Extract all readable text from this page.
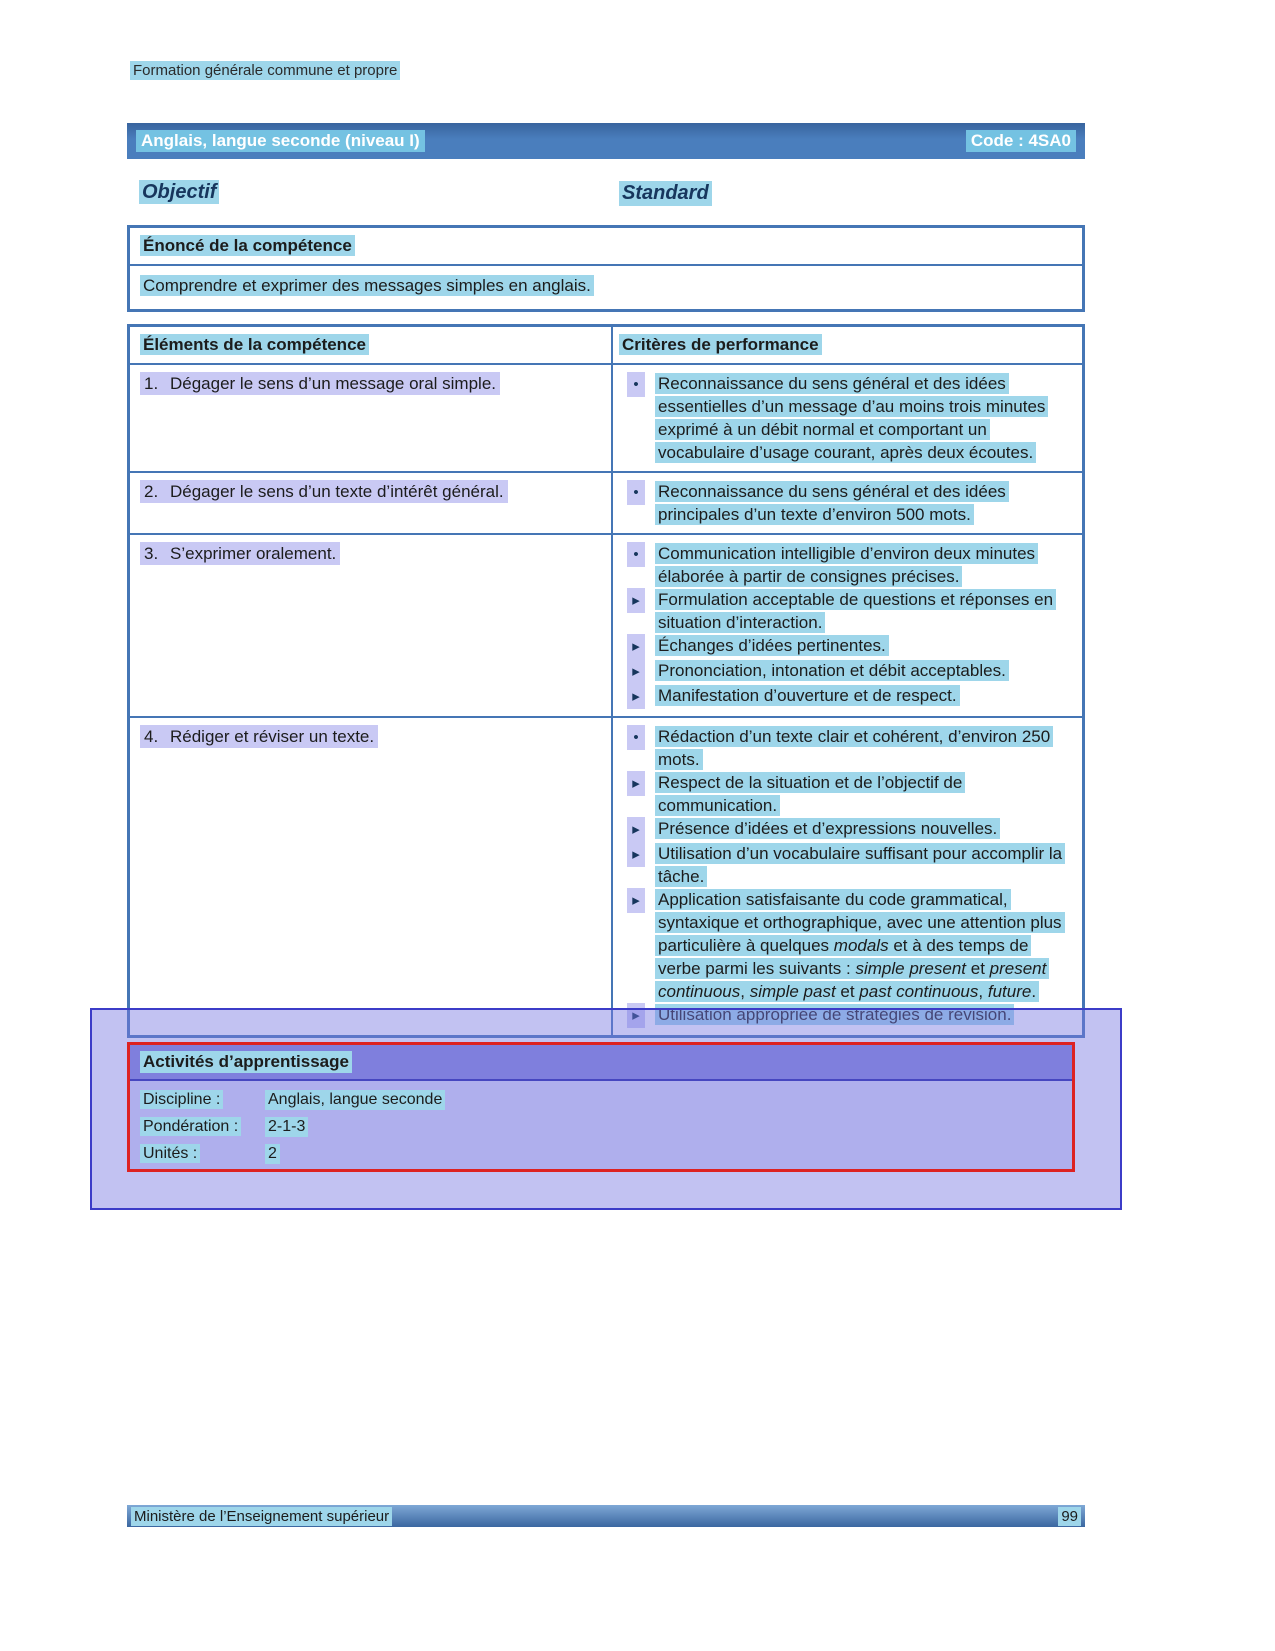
Formation générale commune et propre
Anglais, langue seconde (niveau I)	Code : 4SA0
Objectif	Standard
Énoncé de la compétence
Comprendre et exprimer des messages simples en anglais.
Éléments de la compétence	Critères de performance
1. Dégager le sens d’un message oral simple.	•	Reconnaissance du sens général et des idées essentielles d’un message d’au moins trois minutes exprimé à un débit normal et comportant un vocabulaire d’usage courant, après deux écoutes.
2. Dégager le sens d’un texte d’intérêt général.	•	Reconnaissance du sens général et des idées principales d’un texte d’environ 500 mots.
3. S’exprimer oralement.	•	Communication intelligible d’environ deux minutes élaborée à partir de consignes précises.
▸	Formulation acceptable de questions et réponses en situation d’interaction.
▸	Échanges d’idées pertinentes.
▸	Prononciation, intonation et débit acceptables.
▸	Manifestation d’ouverture et de respect.
4. Rédiger et réviser un texte.	•	Rédaction d’un texte clair et cohérent, d’environ 250 mots.
▸	Respect de la situation et de l’objectif de communication.
▸	Présence d’idées et d’expressions nouvelles.
▸	Utilisation d’un vocabulaire suffisant pour accomplir la tâche.
▸	Application satisfaisante du code grammatical, syntaxique et orthographique, avec une attention plus particulière à quelques modals et à des temps de verbe parmi les suivants : simple present et present continuous, simple past et past continuous, future.
▸	Utilisation appropriée de stratégies de révision.
Activités d’apprentissage
Discipline :	Anglais, langue seconde
Pondération :	2-1-3
Unités :	2
Ministère de l’Enseignement supérieur	99
